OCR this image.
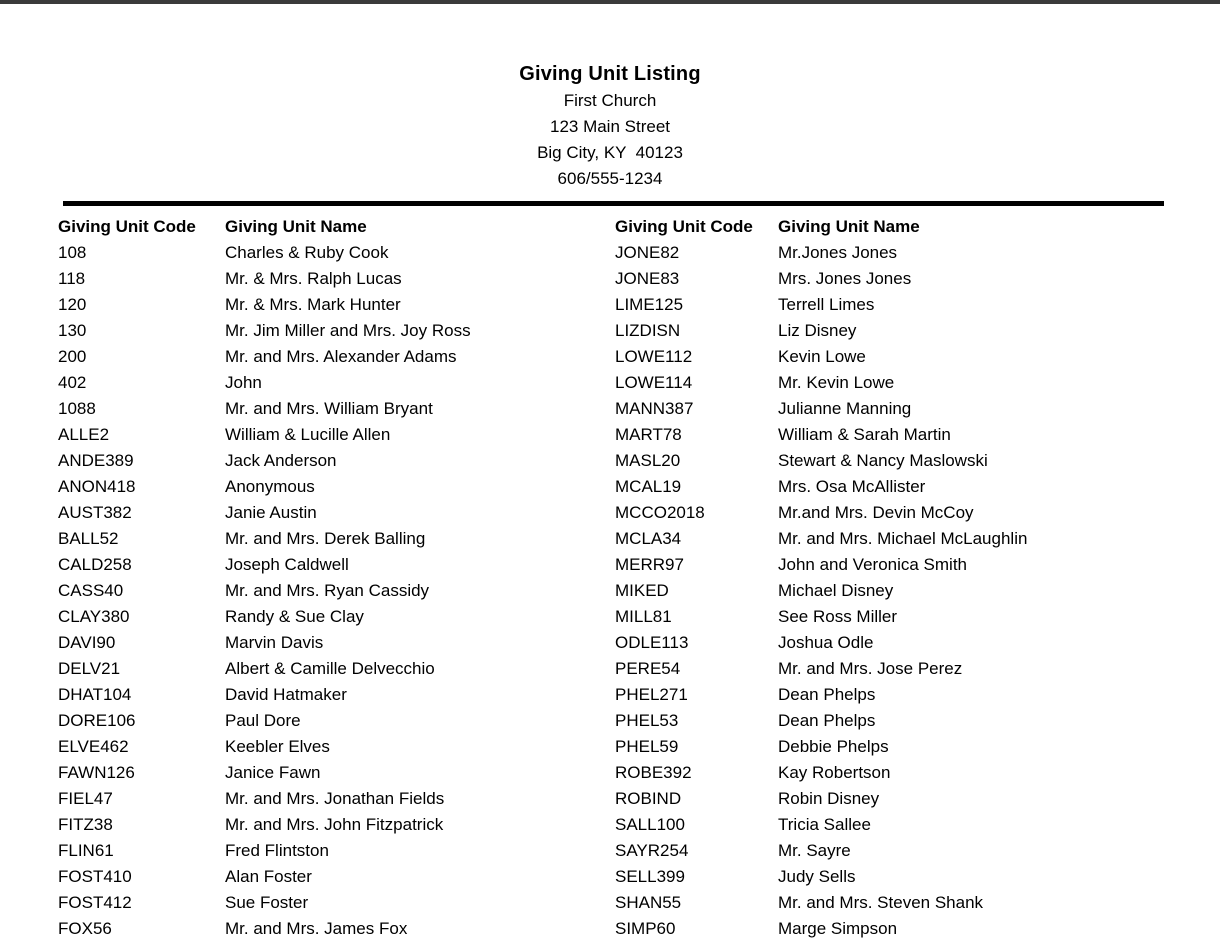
Giving Unit Listing
First Church
123 Main Street
Big City, KY  40123
606/555-1234
Giving Unit Code	Giving Unit Name
108	Charles & Ruby Cook
118	Mr. & Mrs. Ralph Lucas
120	Mr. & Mrs. Mark Hunter
130	Mr. Jim Miller and Mrs. Joy Ross
200	Mr. and Mrs. Alexander Adams
402	John
1088	Mr. and Mrs. William Bryant
ALLE2	William & Lucille Allen
ANDE389	Jack Anderson
ANON418	Anonymous
AUST382	Janie Austin
BALL52	Mr. and Mrs. Derek Balling
CALD258	Joseph Caldwell
CASS40	Mr. and Mrs. Ryan Cassidy
CLAY380	Randy & Sue Clay
DAVI90	Marvin Davis
DELV21	Albert & Camille Delvecchio
DHAT104	David Hatmaker
DORE106	Paul Dore
ELVE462	Keebler Elves
FAWN126	Janice Fawn
FIEL47	Mr. and Mrs. Jonathan Fields
FITZ38	Mr. and Mrs. John Fitzpatrick
FLIN61	Fred Flintston
FOST410	Alan Foster
FOST412	Sue Foster
FOX56	Mr. and Mrs. James Fox
Giving Unit Code	Giving Unit Name
JONE82	Mr.Jones Jones
JONE83	Mrs. Jones Jones
LIME125	Terrell Limes
LIZDISN	Liz Disney
LOWE112	Kevin Lowe
LOWE114	Mr. Kevin Lowe
MANN387	Julianne Manning
MART78	William & Sarah Martin
MASL20	Stewart & Nancy Maslowski
MCAL19	Mrs. Osa McAllister
MCCO2018	Mr.and Mrs. Devin McCoy
MCLA34	Mr. and Mrs. Michael McLaughlin
MERR97	John and Veronica Smith
MIKED	Michael Disney
MILL81	See Ross Miller
ODLE113	Joshua Odle
PERE54	Mr. and Mrs. Jose Perez
PHEL271	Dean Phelps
PHEL53	Dean Phelps
PHEL59	Debbie Phelps
ROBE392	Kay Robertson
ROBIND	Robin Disney
SALL100	Tricia Sallee
SAYR254	Mr. Sayre
SELL399	Judy Sells
SHAN55	Mr. and Mrs. Steven Shank
SIMP60	Marge Simpson
